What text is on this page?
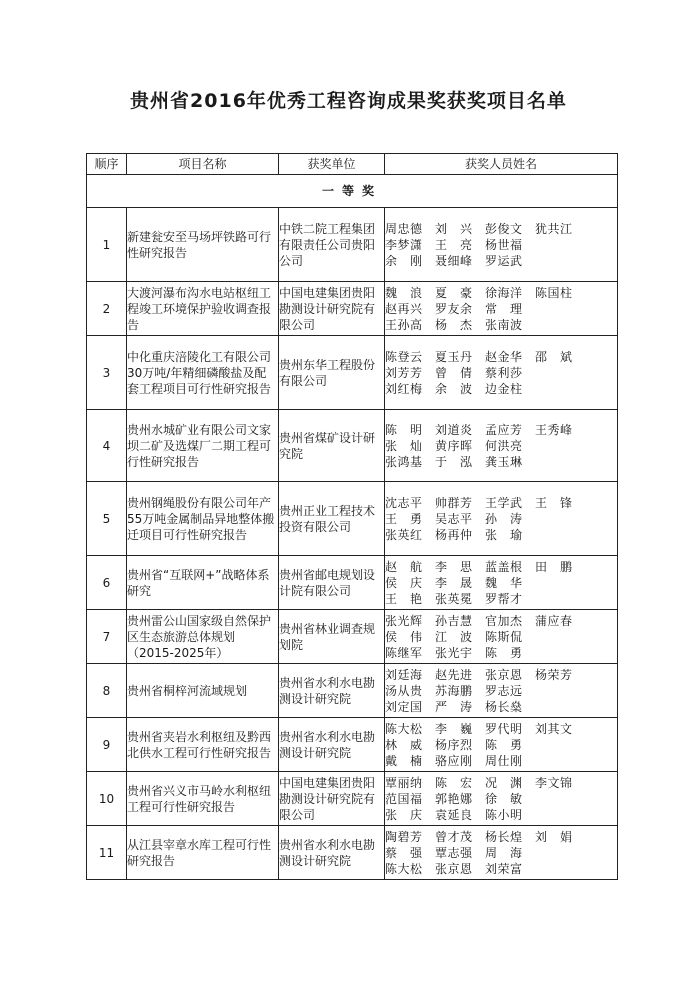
贵州省2016年优秀工程咨询成果奖获奖项目名单
顺序	项目名称	获奖单位	获奖人员姓名
一等奖			
1	新建瓮安至马场坪铁路可行性研究报告	中铁二院工程集团有限责任公司贵阳公司	周忠德　刘　兴　彭俊文　犹共江
李梦潇　王　亮　杨世福
余　刚　聂细峰　罗运武

2	大渡河瀑布沟水电站枢纽工程竣工环境保护验收调查报告	中国电建集团贵阳勘测设计研究院有限公司	魏　浪　夏　豪　徐海洋　陈国柱
赵再兴　罗友余　常　理
王孙高　杨　杰　张南波

3	中化重庆涪陵化工有限公司30万吨/年精细磷酸盐及配套工程项目可行性研究报告	贵州东华工程股份有限公司	陈登云　夏玉丹　赵金华　邵　斌
刘芳芳　曾　倩　蔡利莎
刘红梅　余　波　边金柱

4	贵州水城矿业有限公司文家坝二矿及选煤厂二期工程可行性研究报告	贵州省煤矿设计研究院	陈　明　刘道炎　孟应芳　王秀峰
张　灿　黄序晖　何洪亮
张鸿基　于　泓　龚玉琳

5	贵州钢绳股份有限公司年产55万吨金属制品异地整体搬迁项目可行性研究报告	贵州正业工程技术投资有限公司	沈志平　帅群芳　王学武　王　锋
王　勇　吴志平　孙　涛
张英红　杨再仲　张　瑜

6	贵州省“互联网+”战略体系研究	贵州省邮电规划设计院有限公司	赵　航　李　思　蓝盖根　田　鹏
侯　庆　李　晟　魏　华
王　艳　张英冕　罗帮才

7	贵州雷公山国家级自然保护区生态旅游总体规划（2015-2025年）	贵州省林业调查规划院	张光辉　孙吉慧　官加杰　蒲应春
侯　伟　江　波　陈斯侃
陈继军　张光宇　陈　勇

8	贵州省桐梓河流域规划	贵州省水利水电勘测设计研究院	刘廷海　赵先进　张京恩　杨荣芳
汤从贵　苏海鹏　罗志远
刘定国　严　涛　杨长燊

9	贵州省夹岩水利枢纽及黔西北供水工程可行性研究报告	贵州省水利水电勘测设计研究院	陈大松　李　巍　罗代明　刘其文
林　威　杨序烈　陈　勇
戴　楠　骆应刚　周仕刚

10	贵州省兴义市马岭水利枢纽工程可行性研究报告	中国电建集团贵阳勘测设计研究院有限公司	覃丽纳　陈　宏　况　渊　李文锦
范国福　郭艳娜　徐　敏
张　庆　袁延良　陈小明

11	从江县宰章水库工程可行性研究报告	贵州省水利水电勘测设计研究院	陶碧芳　曾才茂　杨长煌　刘　娟
蔡　强　覃志强　周　海
陈大松　张京恩　刘荣富
